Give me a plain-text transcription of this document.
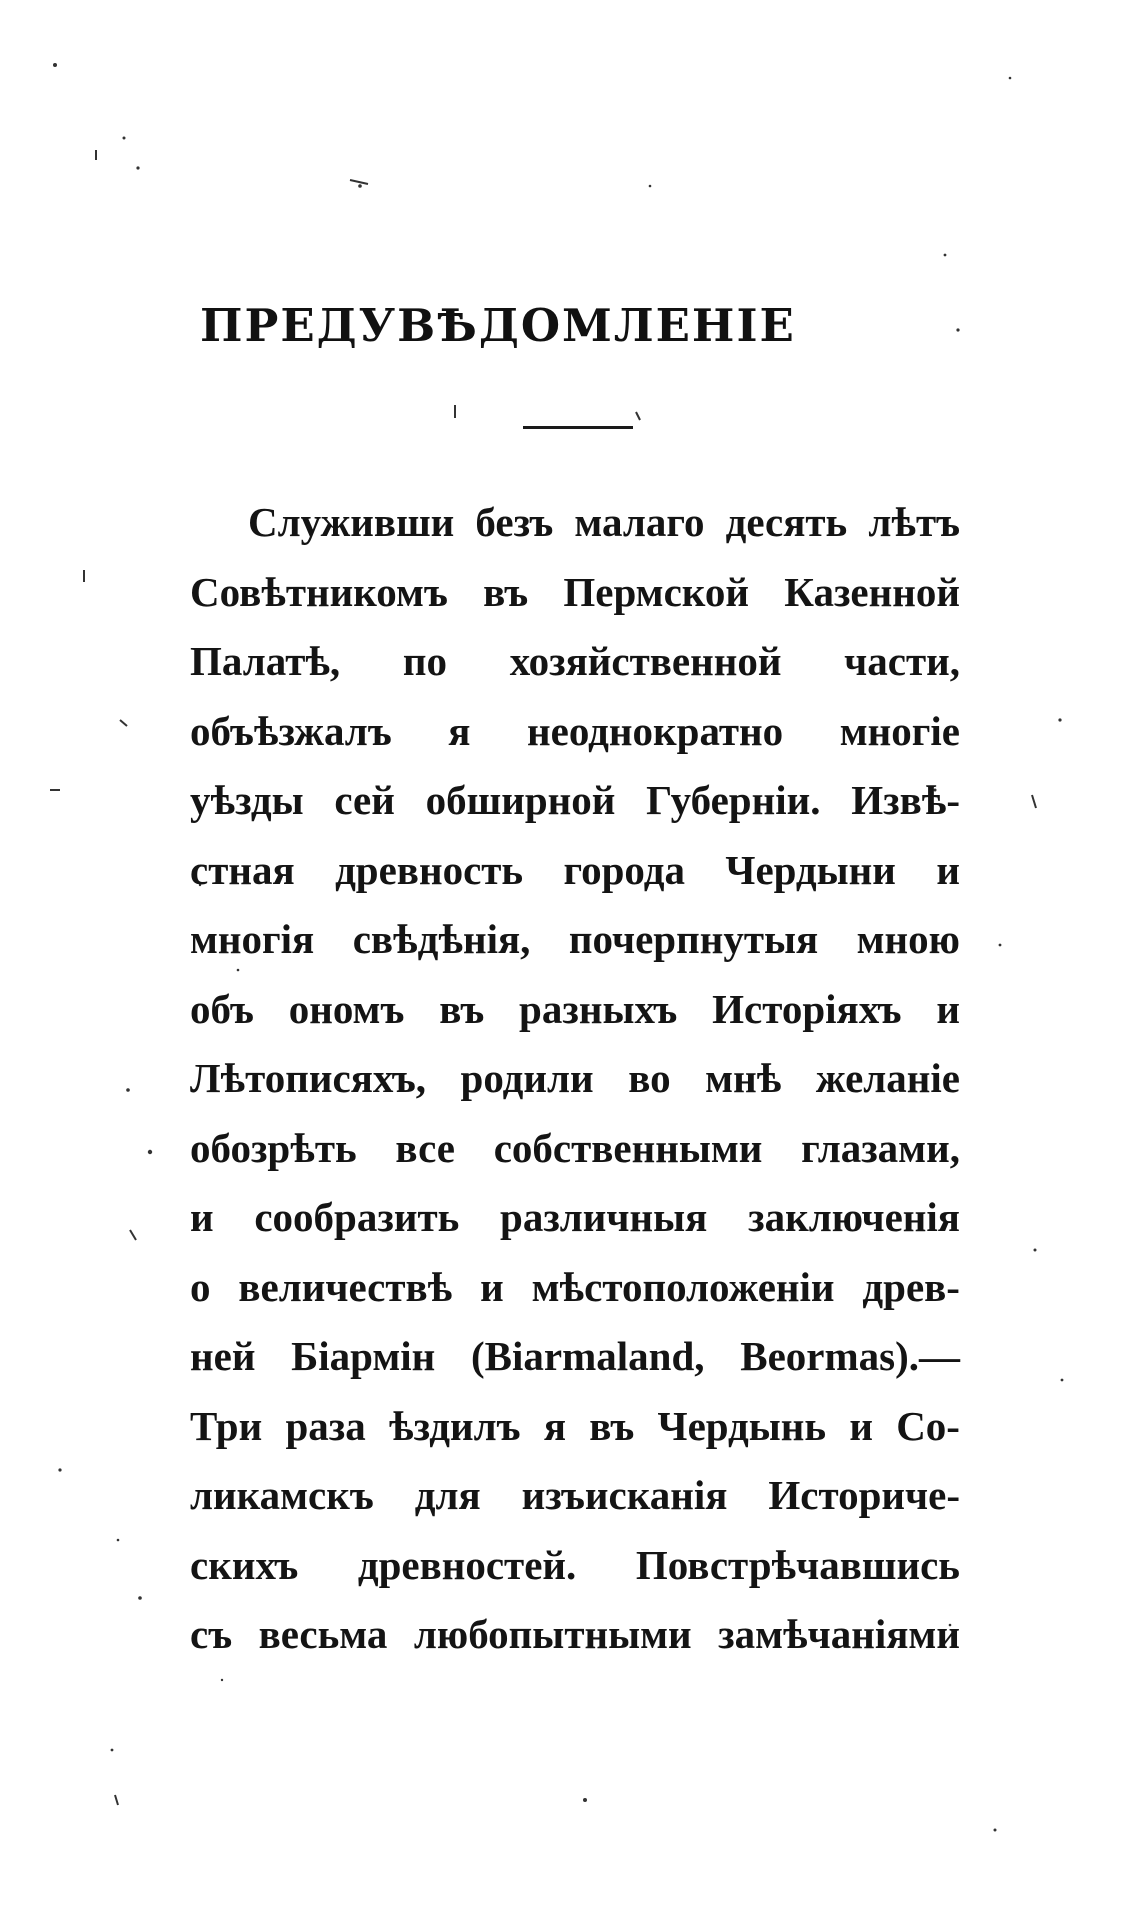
ПРЕДУВѢДОМЛЕНІЕ
Служивши безъ малаго десять лѣтъ
Совѣтникомъ въ Пермской Казенной
Палатѣ, по хозяйственной части,
объѣзжалъ я неоднократно многіе
уѣзды сей обширной Губерніи. Извѣ-
стная древность города Чердыни и
многія свѣдѣнія, почерпнутыя мною
объ ономъ въ разныхъ Исторіяхъ и
Лѣтописяхъ, родили во мнѣ желаніе
обозрѣть все собственными глазами,
и сообразить различныя заключенія
о величествѣ и мѣстоположеніи древ-
ней Біармін (Biarmaland, Beormas).—
Три раза ѣздилъ я въ Чердынь и Со-
ликамскъ для изъисканія Историче-
скихъ древностей. Повстрѣчавшись
съ весьма любопытными замѣчаніями
